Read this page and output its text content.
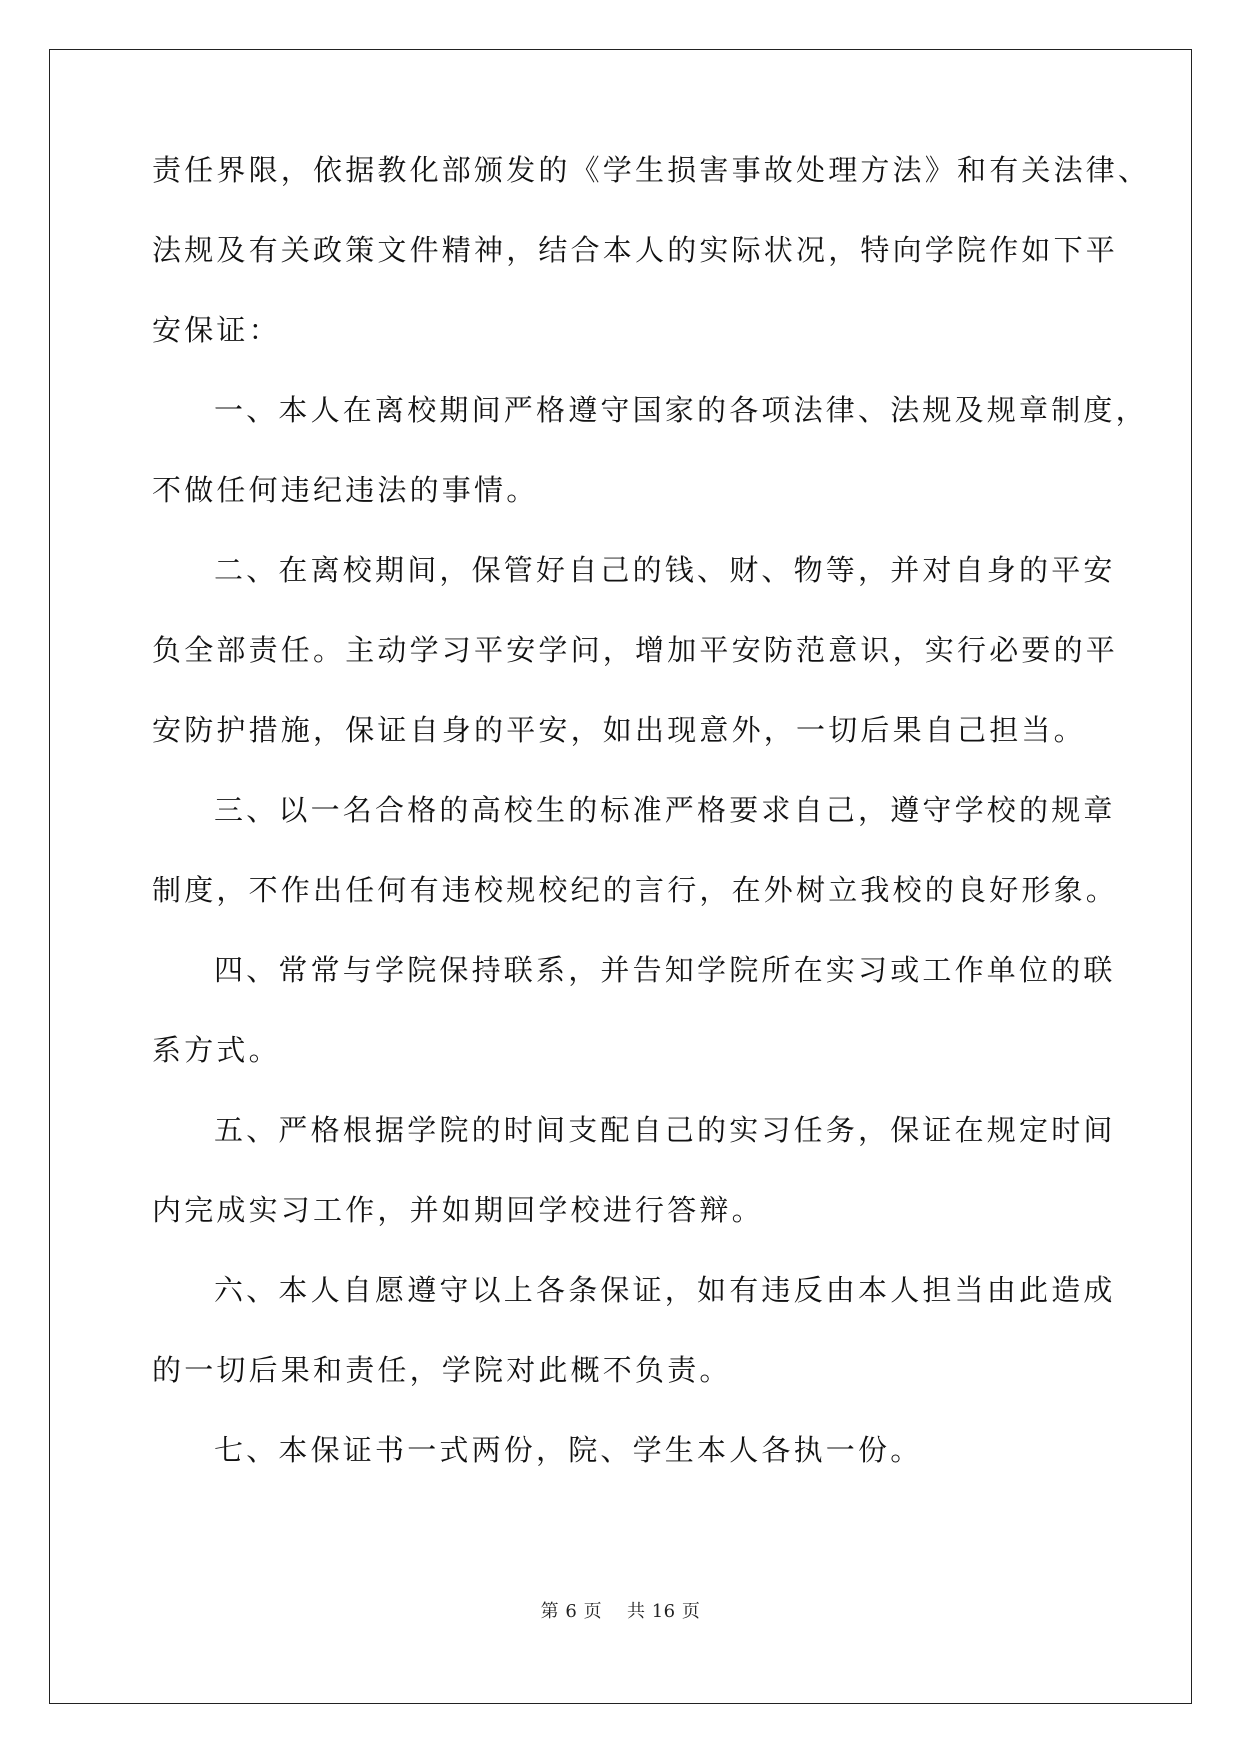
责任界限，依据教化部颁发的《学生损害事故处理方法》和有关法律、
法规及有关政策文件精神，结合本人的实际状况，特向学院作如下平
安保证：
一、本人在离校期间严格遵守国家的各项法律、法规及规章制度，
不做任何违纪违法的事情。
二、在离校期间，保管好自己的钱、财、物等，并对自身的平安
负全部责任。主动学习平安学问，增加平安防范意识，实行必要的平
安防护措施，保证自身的平安，如出现意外，一切后果自己担当。
三、以一名合格的高校生的标准严格要求自己，遵守学校的规章
制度，不作出任何有违校规校纪的言行，在外树立我校的良好形象。
四、常常与学院保持联系，并告知学院所在实习或工作单位的联
系方式。
五、严格根据学院的时间支配自己的实习任务，保证在规定时间
内完成实习工作，并如期回学校进行答辩。
六、本人自愿遵守以上各条保证，如有违反由本人担当由此造成
的一切后果和责任，学院对此概不负责。
七、本保证书一式两份，院、学生本人各执一份。
第 6 页 共 16 页
